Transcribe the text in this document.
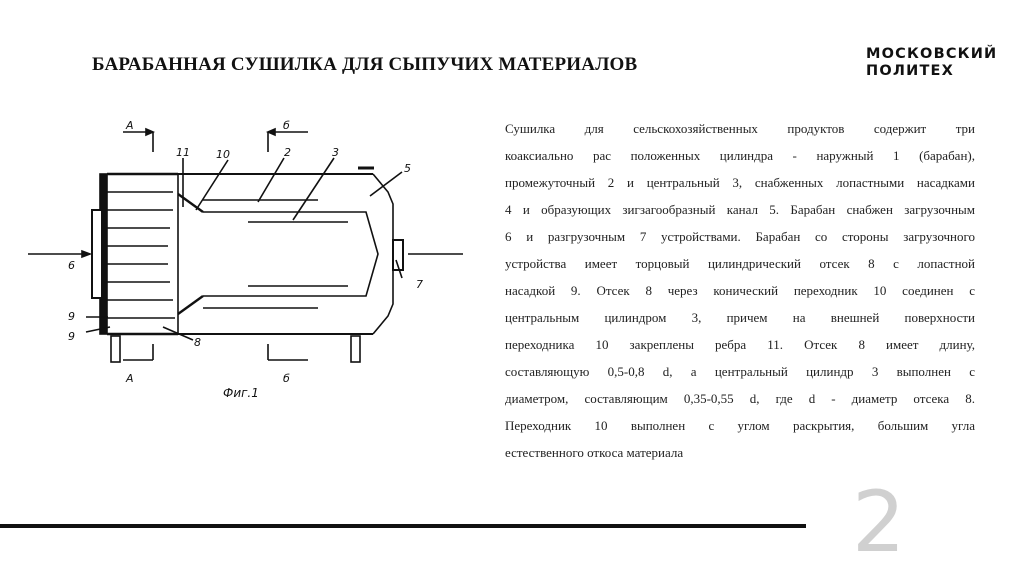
БАРАБАННАЯ СУШИЛКА ДЛЯ СЫПУЧИХ МАТЕРИАЛОВ	МОСКОВСКИЙ
ПОЛИТЕХ
А	б
А	б
11 10	2	3
5
6
7
9
9	8
Фиг.1
Сушилка для сельскохозяйственных продуктов содержит три
коаксиально рас положенных цилиндра - наружный 1 (барабан),
промежуточный 2 и центральный 3, снабженных лопастными насадками
4 и образующих зигзагообразный канал 5. Барабан снабжен загрузочным
6 и разгрузочным 7 устройствами. Барабан со стороны загрузочного
устройства имеет торцовый цилиндрический отсек 8 с лопастной
насадкой 9. Отсек 8 через конический переходник 10 соединен с
центральным цилиндром 3, причем на внешней поверхности
переходника 10 закреплены ребра 11. Отсек 8 имеет длину,
составляющую 0,5-0,8 d, а центральный цилиндр 3 выполнен с
диаметром, составляющим 0,35-0,55 d, где d - диаметр отсека 8.
Переходник 10 выполнен с углом раскрытия, большим угла
естественного откоса материала
2
